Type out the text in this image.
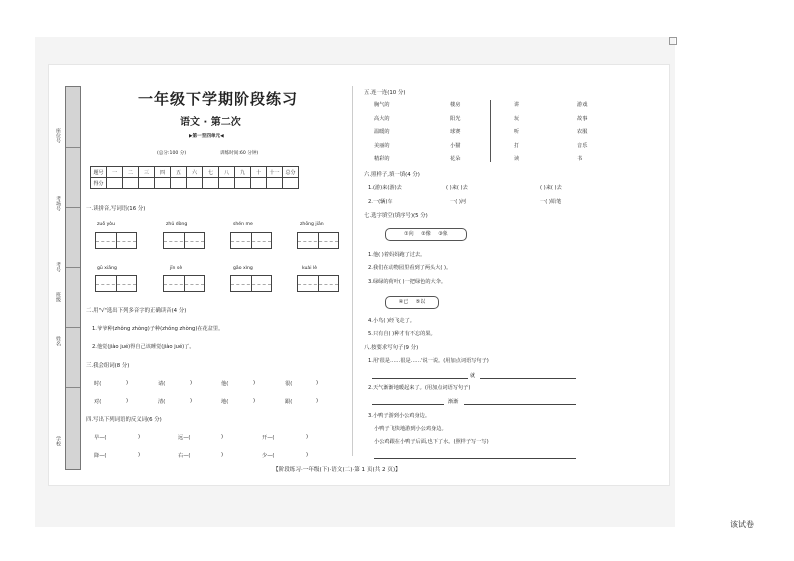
座位号
考场号
考号
班级
姓名
学校
一年级下学期阶段练习
语文 · 第二次
▶第一至四单元◀
(总分:100 分)	训练时间:60 分钟)
题号	一	二	三	四	五	六	七	八	九	十	十一	总分
得分												
一.读拼音,写词语(16 分)
zuǒ yòu	zhǔ dòng	shén me	zhōng jiān
gū xiāng	jīn sè	gāo xìng	kuài lè
二.用"√"选出下列多音字的正确读音(4 分)
1.爷爷种(zhǒng zhòng)子种(zhǒng zhòng)在花盆里。
2.他觉(jiào jué)得自己该睡觉(jiào jué)了。
三.我会组词(8 分)
时(	)	请(	)	他(	)	很(	)
对(	)	清(	)	地(	)	跟(	)
四.写出下列词语的反义词(6 分)
早—(	)	远—(	)	开—(	)
降—(	)	右—(	)	少—(	)
五.连一连(10 分)
胸气的
高大的
温暖的
美丽的
精彩的
楼房
阳光
球赛
小猫
花朵
讲
玩
听
打
读
游戏
故事
农服
音乐
书
六.照样子,填一填(4 分)
1.(游)来(游)去	( )来( )去	( )来( )去
2.一(辆)车	一( )河	一( )铅笔
七.选字填空(填序号)(5 分)
①向 ②像 ③象
1.他( )着妈妈跑了过去。
2.我们在动物园里看到了两头大( )。
3.绿绿的荷叶( )一把绿色的大伞。
④已 ⑤以
4.小鸟( )经飞走了。
5.只有自( )种才有不忘的果。
八.按要求写句子(9 分)
1.用'很是……很是……'说一说。(用加点词语写句子)
就
2.天气渐渐地暖起来了。(用加点词语写句子)
渐渐
3.小鸭子游到小公鸡身边。
小鸭子飞快地游到小公鸡身边。
小公鸡跟在小鸭子后面,也下了水。(照样子写一写)
【阶段练习·一年级(下)·语文(二)·第 1 页(共 2 页)】
该试卷
